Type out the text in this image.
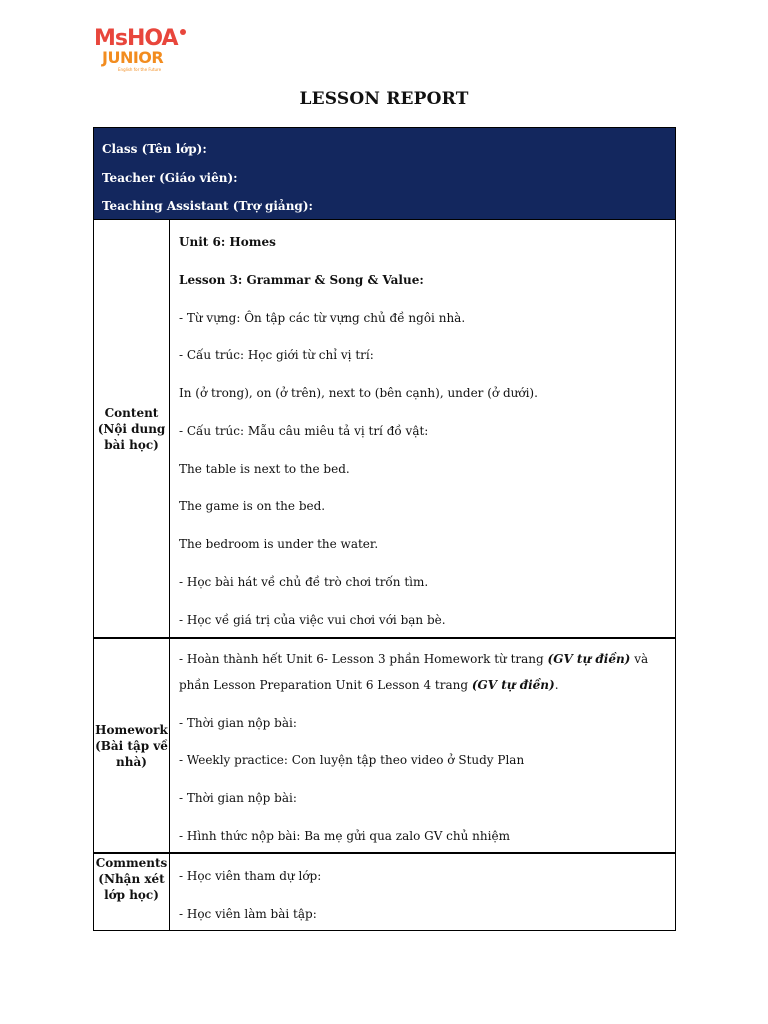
MsHOA
JUNIOR
English for the Future
LESSON REPORT
Class (Tên lớp):
Teacher (Giáo viên):
Teaching Assistant (Trợ giảng):
Content
(Nội dung
bài học)
Unit 6: Homes
Lesson 3: Grammar & Song & Value:
- Từ vựng: Ôn tập các từ vựng chủ đề ngôi nhà.
- Cấu trúc: Học giới từ chỉ vị trí:
In (ở trong), on (ở trên), next to (bên cạnh), under (ở dưới).
- Cấu trúc: Mẫu câu miêu tả vị trí đồ vật:
The table is next to the bed.
The game is on the bed.
The bedroom is under the water.
- Học bài hát về chủ đề trò chơi trốn tìm.
- Học về giá trị của việc vui chơi với bạn bè.
Homework
(Bài tập về
nhà)
- Hoàn thành hết Unit 6- Lesson 3 phần Homework từ trang (GV tự điền) và
phần Lesson Preparation Unit 6 Lesson 4 trang (GV tự điền).
- Thời gian nộp bài:
- Weekly practice: Con luyện tập theo video ở Study Plan
- Thời gian nộp bài:
- Hình thức nộp bài: Ba mẹ gửi qua zalo GV chủ nhiệm
Comments
(Nhận xét
lớp học)
- Học viên tham dự lớp:
- Học viên làm bài tập:
